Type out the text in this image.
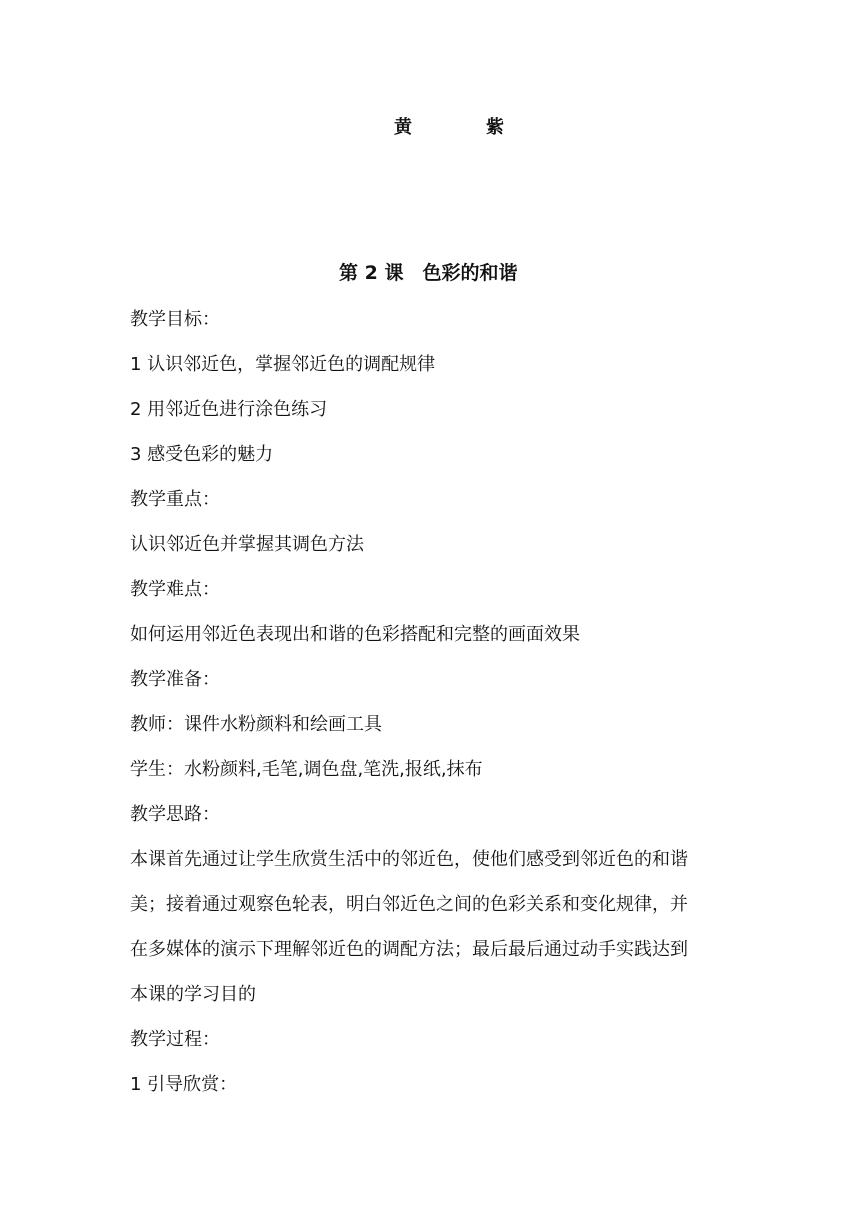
黄	紫
第 2 课　色彩的和谐
教学目标：
1 认识邻近色，掌握邻近色的调配规律
2 用邻近色进行涂色练习
3 感受色彩的魅力
教学重点：
认识邻近色并掌握其调色方法
教学难点：
如何运用邻近色表现出和谐的色彩搭配和完整的画面效果
教学准备：
教师：课件水粉颜料和绘画工具
学生：水粉颜料,毛笔,调色盘,笔洗,报纸,抹布
教学思路：
本课首先通过让学生欣赏生活中的邻近色，使他们感受到邻近色的和谐
美；接着通过观察色轮表，明白邻近色之间的色彩关系和变化规律，并
在多媒体的演示下理解邻近色的调配方法；最后最后通过动手实践达到
本课的学习目的
教学过程：
1 引导欣赏：
